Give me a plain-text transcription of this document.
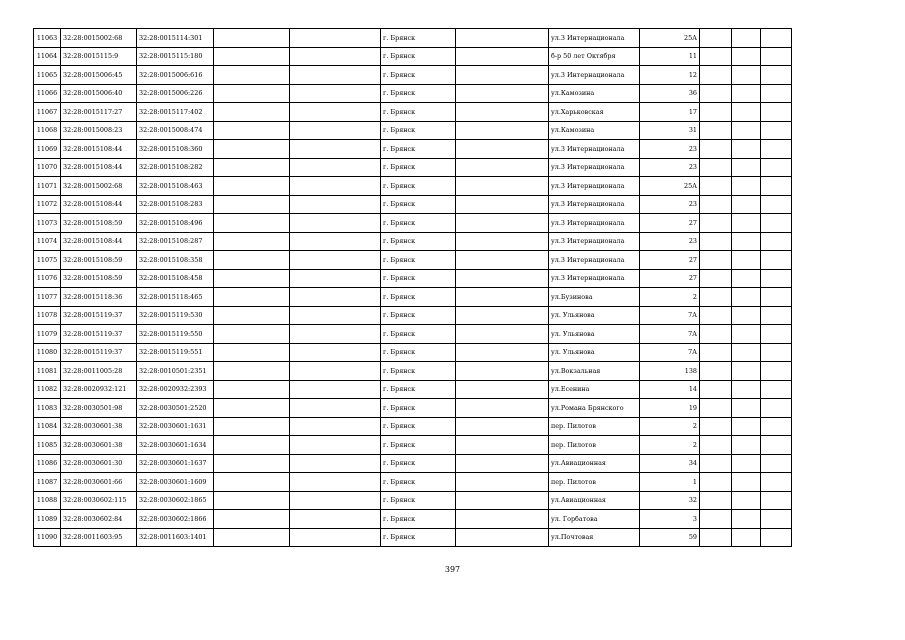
11063	32:28:0015002:68	32:28:0015114:301			г. Брянск		ул.3 Интернационала	25А			
11064	32:28:0015115:9	32:28:0015115:180			г. Брянск		б-р 50 лет Октября	11			
11065	32:28:0015006:45	32:28:0015006:616			г. Брянск		ул.3 Интернационала	12			
11066	32:28:0015006:40	32:28:0015006:226			г. Брянск		ул.Камозина	36			
11067	32:28:0015117:27	32:28:0015117:402			г. Брянск		ул.Харьковская	17			
11068	32:28:0015008:23	32:28:0015008:474			г. Брянск		ул.Камозина	31			
11069	32:28:0015108:44	32:28:0015108:360			г. Брянск		ул.3 Интернационала	23			
11070	32:28:0015108:44	32:28:0015108:282			г. Брянск		ул.3 Интернационала	23			
11071	32:28:0015002:68	32:28:0015108:463			г. Брянск		ул.3 Интернационала	25А			
11072	32:28:0015108:44	32:28:0015108:283			г. Брянск		ул.3 Интернационала	23			
11073	32:28:0015108:59	32:28:0015108:496			г. Брянск		ул.3 Интернационала	27			
11074	32:28:0015108:44	32:28:0015108:287			г. Брянск		ул.3 Интернационала	23			
11075	32:28:0015108:59	32:28:0015108:358			г. Брянск		ул.3 Интернационала	27			
11076	32:28:0015108:59	32:28:0015108:458			г. Брянск		ул.3 Интернационала	27			
11077	32:28:0015118:36	32:28:0015118:465			г. Брянск		ул.Бузинова	2			
11078	32:28:0015119:37	32:28:0015119:530			г. Брянск		ул. Ульянова	7А			
11079	32:28:0015119:37	32:28:0015119:550			г. Брянск		ул. Ульянова	7А			
11080	32:28:0015119:37	32:28:0015119:551			г. Брянск		ул. Ульянова	7А			
11081	32:28:0011005:28	32:28:0010501:2351			г. Брянск		ул.Вокзальная	138			
11082	32:28:0020932:121	32:28:0020932:2393			г. Брянск		ул.Есенина	14			
11083	32:28:0030501:98	32:28:0030501:2520			г. Брянск		ул.Романа Брянского	19			
11084	32:28:0030601:38	32:28:0030601:1631			г. Брянск		пер. Пилотов	2			
11085	32:28:0030601:38	32:28:0030601:1634			г. Брянск		пер. Пилотов	2			
11086	32:28:0030601:30	32:28:0030601:1637			г. Брянск		ул.Авиационная	34			
11087	32:28:0030601:66	32:28:0030601:1609			г. Брянск		пер. Пилотов	1			
11088	32:28:0030602:115	32:28:0030602:1865			г. Брянск		ул.Авиационная	32			
11089	32:28:0030602:84	32:28:0030602:1866			г. Брянск		ул. Горбатова	3			
11090	32:28:0011603:95	32:28:0011603:1401			г. Брянск		ул.Почтовая	59			
397
